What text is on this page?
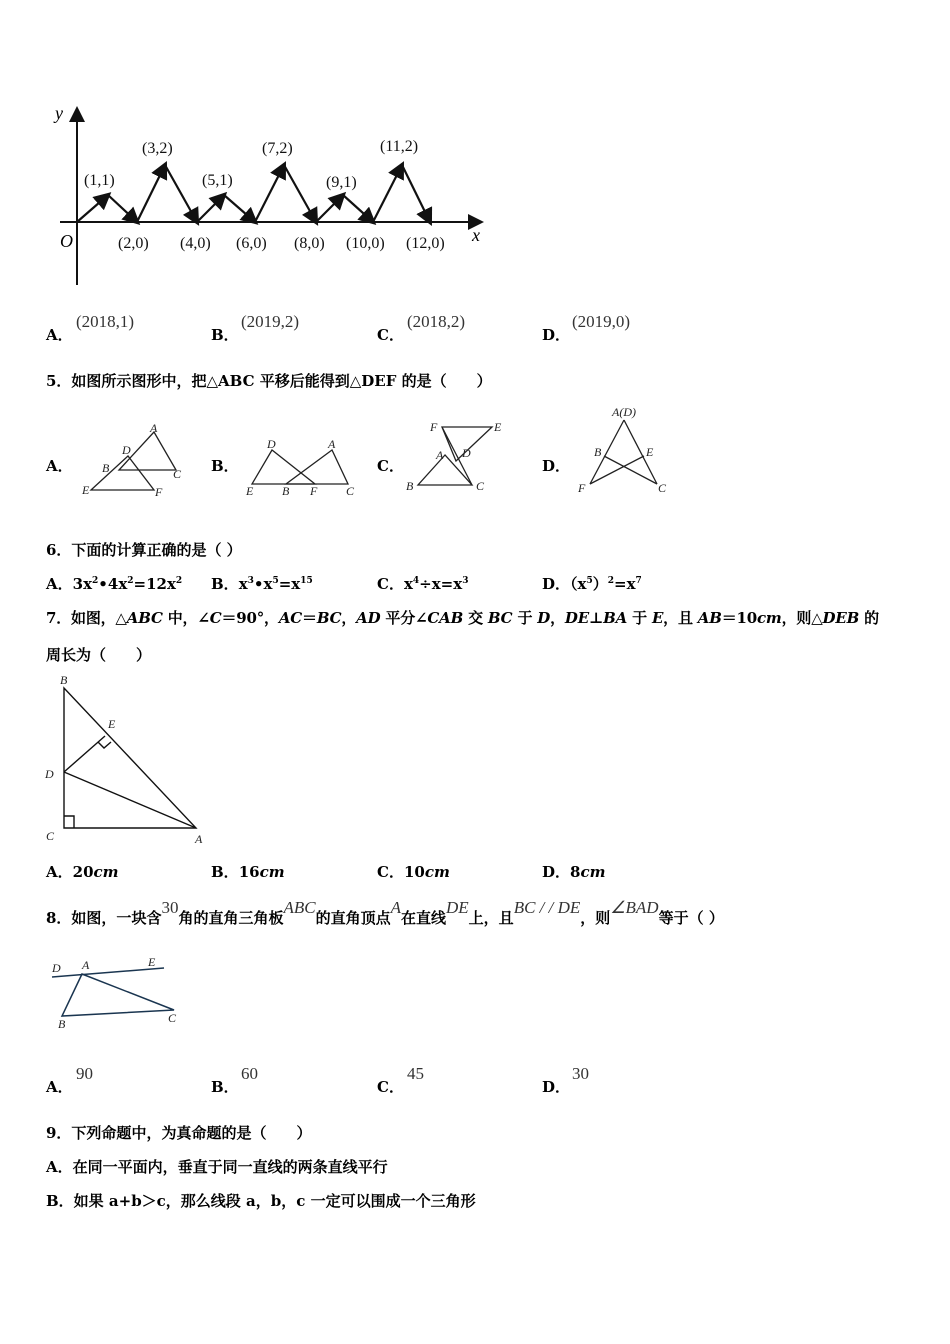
y
x
O
(1,1)
(3,2)
(5,1)
(7,2)
(9,1)
(11,2)
(2,0) (4,0) (6,0) (8,0) (10,0) (12,0)
A．
(2018,1)
B．
(2019,2)
C．
(2018,2)
D．
(2019,0)
5．如图所示图形中，把△ABC 平移后能得到△DEF 的是（　　）
A．
A
B	C
D
E	F
B．
D	A
E B F C
C．
F	E
A D
B	C
D．
A(D)
B	E
F	C
6．下面的计算正确的是（ ）
A．$3x^2•4x^2=12x^2$ B．$x^3•x^5=x^{15}$	C．$x^4\div x=x^3$	D．$(x^5)^2=x^7$
7．如图，△ABC 中，∠C＝90°，AC＝BC，AD 平分∠CAB 交 BC 于 D，DE⊥BA 于 E，且 AB＝10cm，则△DEB 的
周长为（　　）
B
E
D
C	A
A．20cm	B．16cm	C．10cm	D．8cm
8．如图，一块含30角的直角三角板ABC的直角顶点A在直线DE上，且BC / / DE，则∠BAD等于（ ）
D A	E
B	C
A．
90
B．
60
C．
45
D．
30
9．下列命题中，为真命题的是（　　）
A．在同一平面内，垂直于同一直线的两条直线平行
B．如果 a+b＞c，那么线段 a，b，c 一定可以围成一个三角形
